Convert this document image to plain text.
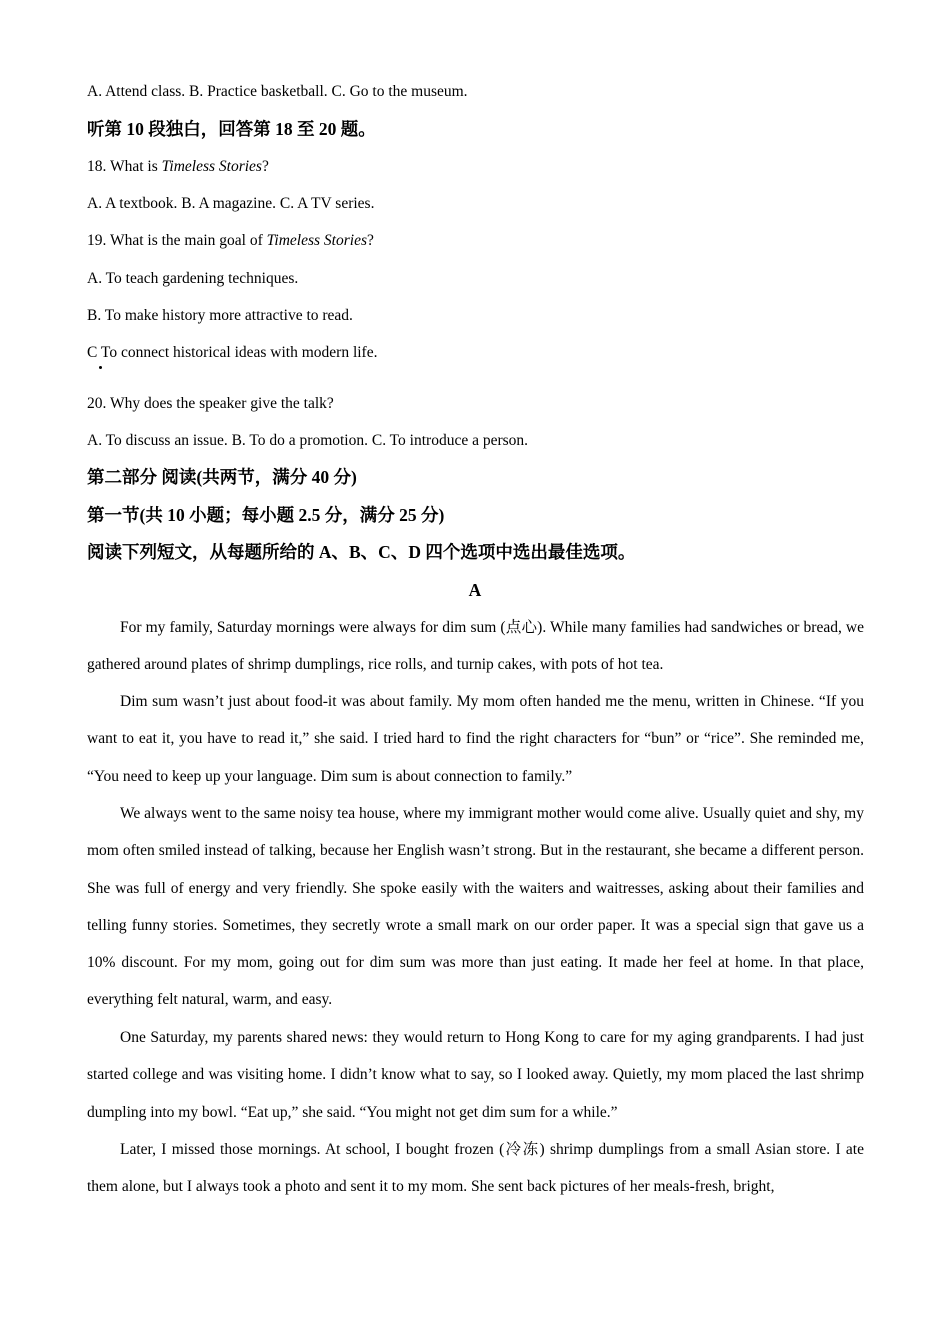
A. Attend class. B. Practice basketball. C. Go to the museum.
听第 10 段独白，回答第 18 至 20 题。
18. What is Timeless Stories?
A. A textbook. B. A magazine. C. A TV series.
19. What is the main goal of Timeless Stories?
A. To teach gardening techniques.
B. To make history more attractive to read.
C To connect historical ideas with modern life.
20. Why does the speaker give the talk?
A. To discuss an issue. B. To do a promotion. C. To introduce a person.
第二部分 阅读(共两节，满分 40 分)
第一节(共 10 小题；每小题 2.5 分，满分 25 分)
阅读下列短文，从每题所给的 A、B、C、D 四个选项中选出最佳选项。
A

For my family, Saturday mornings were always for dim sum (点心). While many families had sandwiches or bread, we gathered around plates of shrimp dumplings, rice rolls, and turnip cakes, with pots of hot tea.

Dim sum wasn’t just about food-it was about family. My mom often handed me the menu, written in Chinese. “If you want to eat it, you have to read it,” she said. I tried hard to find the right characters for “bun” or “rice”. She reminded me, “You need to keep up your language. Dim sum is about connection to family.”

We always went to the same noisy tea house, where my immigrant mother would come alive. Usually quiet and shy, my mom often smiled instead of talking, because her English wasn’t strong. But in the restaurant, she became a different person. She was full of energy and very friendly. She spoke easily with the waiters and waitresses, asking about their families and telling funny stories. Sometimes, they secretly wrote a small mark on our order paper. It was a special sign that gave us a 10% discount. For my mom, going out for dim sum was more than just eating. It made her feel at home. In that place, everything felt natural, warm, and easy.

One Saturday, my parents shared news: they would return to Hong Kong to care for my aging grandparents. I had just started college and was visiting home. I didn’t know what to say, so I looked away. Quietly, my mom placed the last shrimp dumpling into my bowl. “Eat up,” she said. “You might not get dim sum for a while.”

Later, I missed those mornings. At school, I bought frozen (冷冻) shrimp dumplings from a small Asian store. I ate them alone, but I always took a photo and sent it to my mom. She sent back pictures of her meals-fresh, bright,
